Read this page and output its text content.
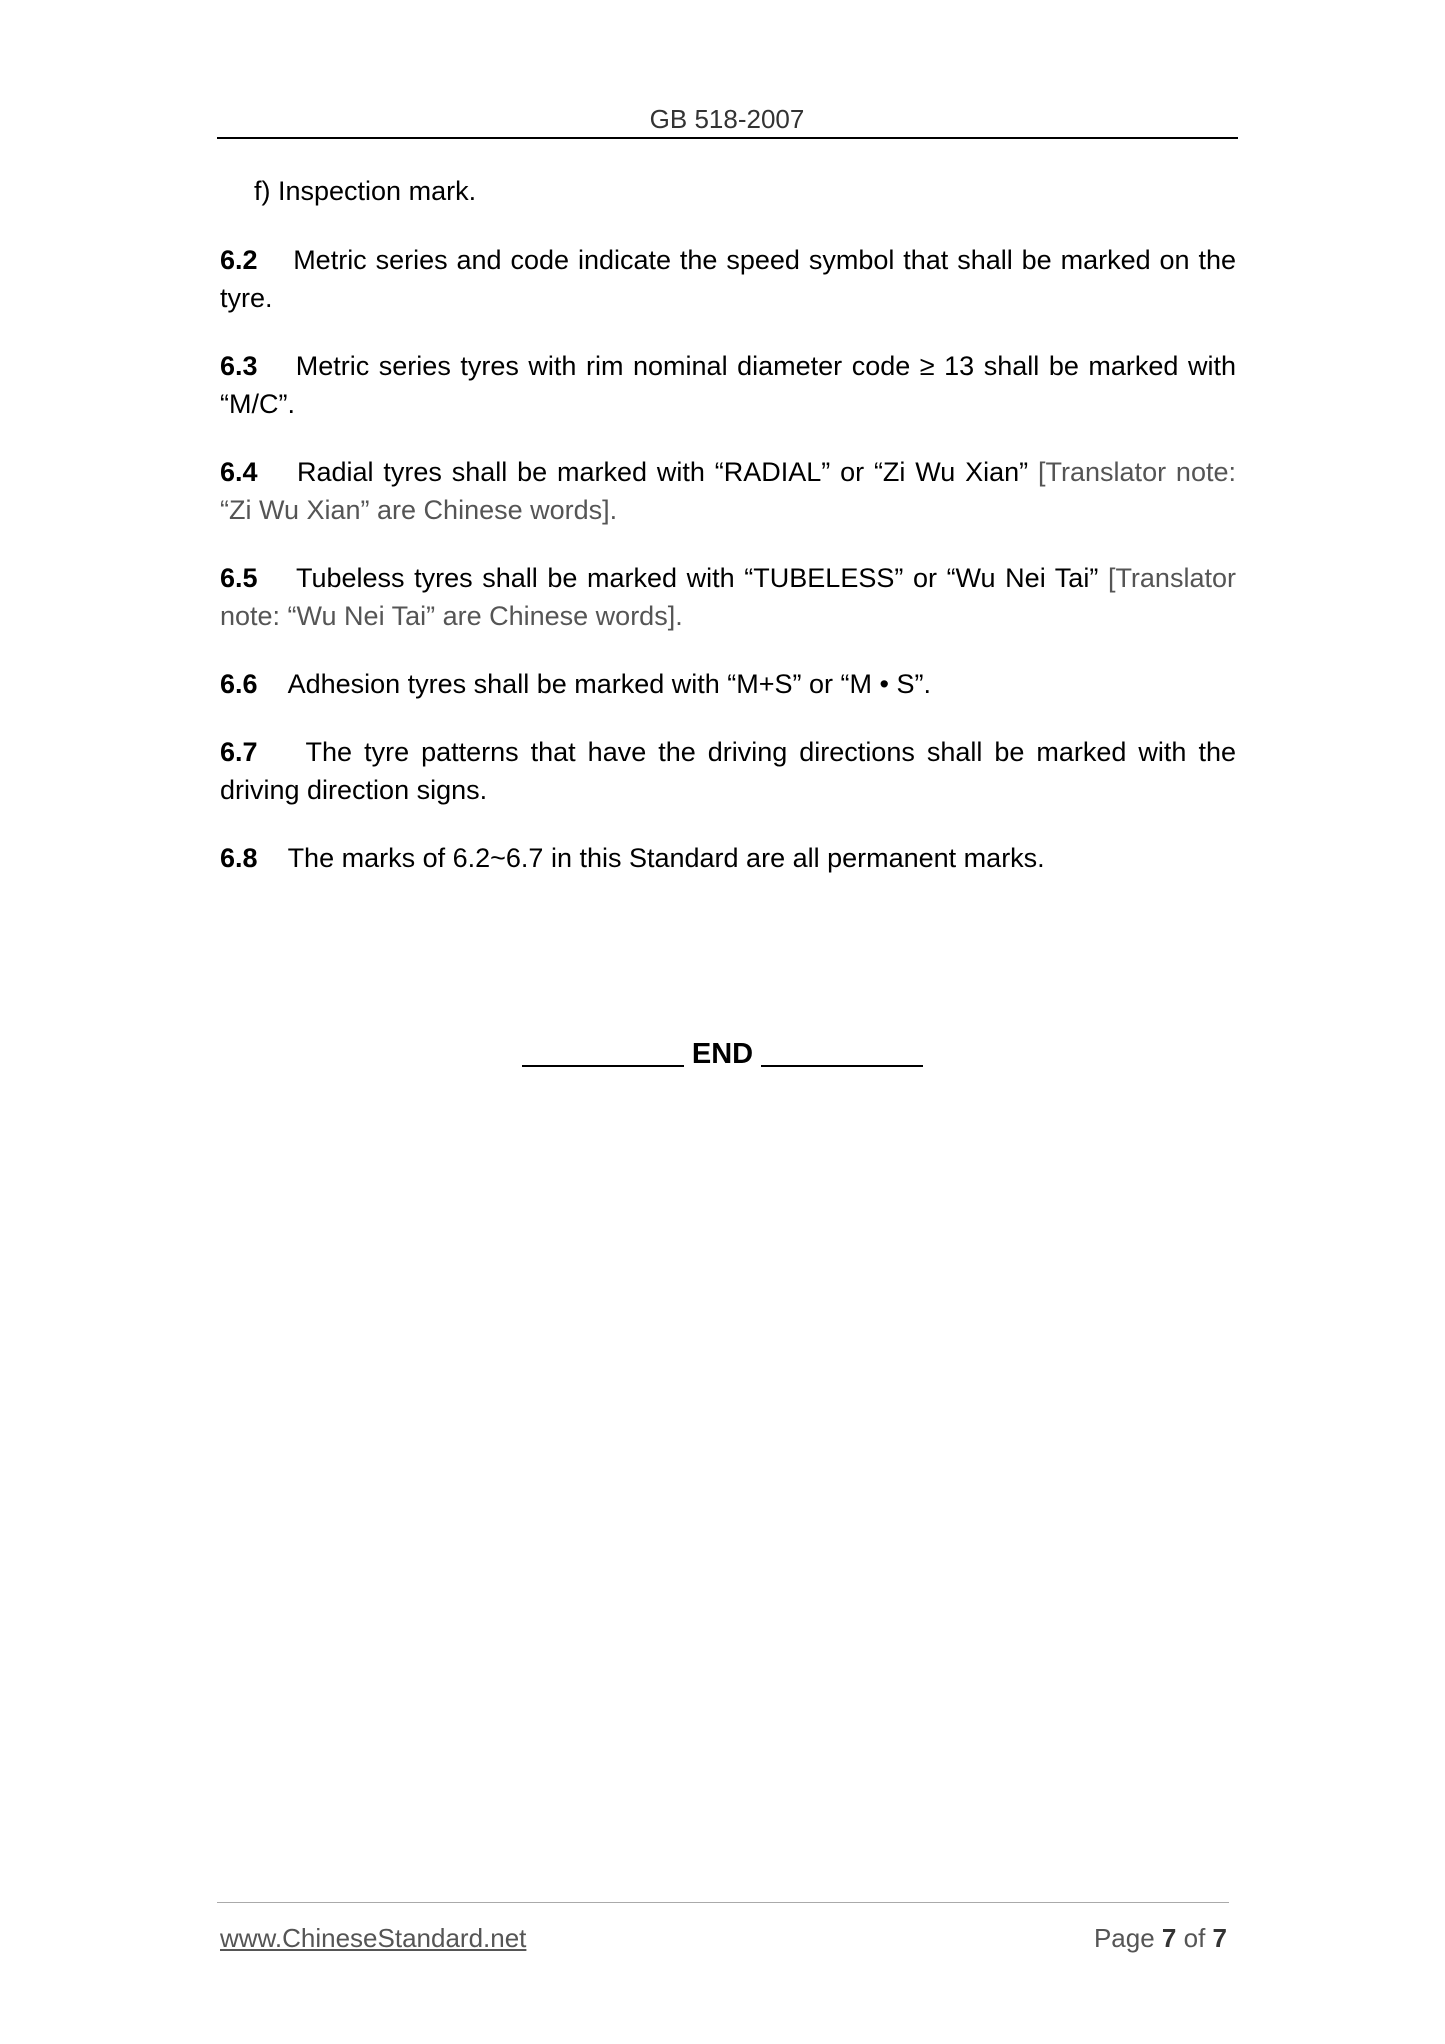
GB 518-2007

f) Inspection mark.

6.2 Metric series and code indicate the speed symbol that shall be marked on the tyre.

6.3 Metric series tyres with rim nominal diameter code ≥ 13 shall be marked with “M/C”.

6.4 Radial tyres shall be marked with “RADIAL” or “Zi Wu Xian” [Translator note: “Zi Wu Xian” are Chinese words].

6.5 Tubeless tyres shall be marked with “TUBELESS” or “Wu Nei Tai” [Translator note: “Wu Nei Tai” are Chinese words].

6.6 Adhesion tyres shall be marked with “M+S” or “M • S”.

6.7 The tyre patterns that have the driving directions shall be marked with the driving direction signs.

6.8 The marks of 6.2~6.7 in this Standard are all permanent marks.

END
www.ChineseStandard.net	Page 7 of 7
